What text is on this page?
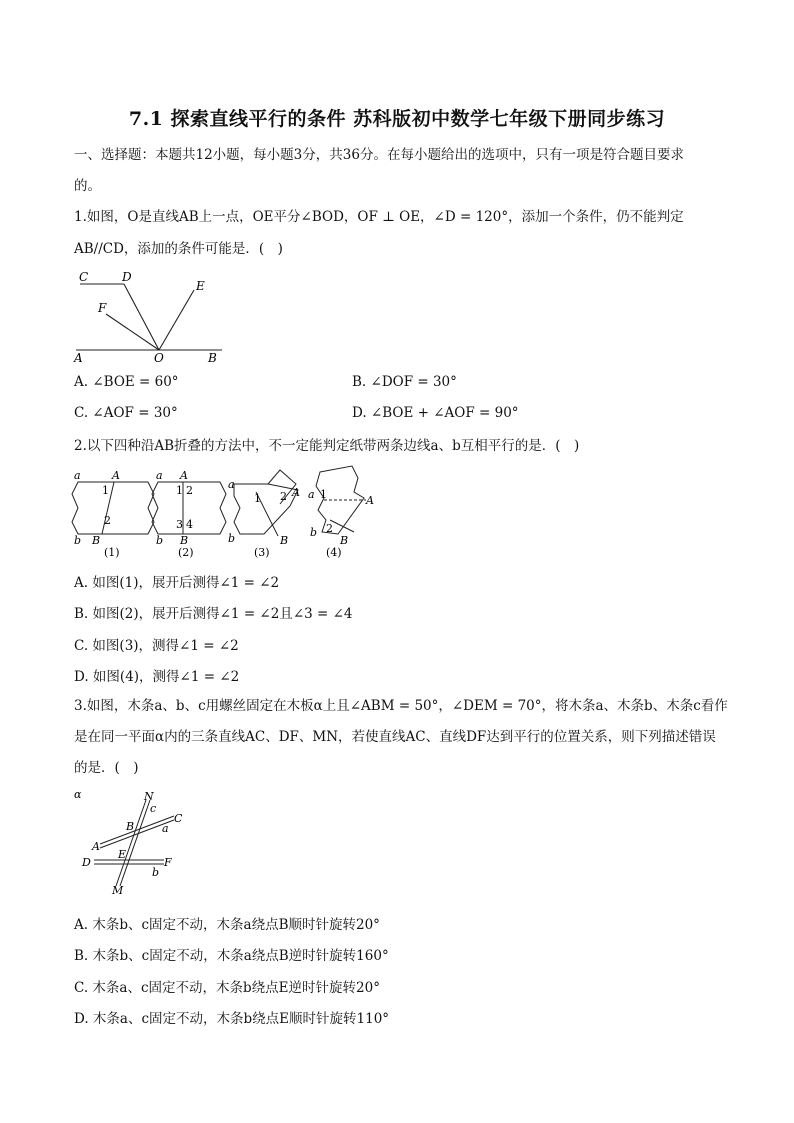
7.1 探索直线平行的条件 苏科版初中数学七年级下册同步练习
一、选择题：本题共12小题，每小题3分，共36分。在每小题给出的选项中，只有一项是符合题目要求
的。
1.如图，O是直线AB上一点，OE平分∠BOD，OF ⊥ OE，∠D = 120°，添加一个条件，仍不能判定
AB//CD，添加的条件可能是．(　)
C	D
E
F
A	O	B
A. ∠BOE = 60°	B. ∠DOF = 30°
C. ∠AOF = 30°	D. ∠BOE + ∠AOF = 90°
2.以下四种沿AB折叠的方法中，不一定能判定纸带两条边线a、b互相平行的是．(　)
a	A
1
2
b B
a A
1 2
3 4
b B
a
1 2 A
b	B
a 1	A
2
b
B
(1)	(2)	(3)	(4)
A. 如图(1)，展开后测得∠1 = ∠2
B. 如图(2)，展开后测得∠1 = ∠2且∠3 = ∠4
C. 如图(3)，测得∠1 = ∠2
D. 如图(4)，测得∠1 = ∠2
3.如图，木条a、b、c用螺丝固定在木板α上且∠ABM = 50°，∠DEM = 70°，将木条a、木条b、木条c看作
是在同一平面α内的三条直线AC、DF、MN，若使直线AC、直线DF达到平行的位置关系，则下列描述错误
的是．(　)
α	N
c
C
B	a
A
E
D	F
b
M
A. 木条b、c固定不动，木条a绕点B顺时针旋转20°
B. 木条b、c固定不动，木条a绕点B逆时针旋转160°
C. 木条a、c固定不动，木条b绕点E逆时针旋转20°
D. 木条a、c固定不动，木条b绕点E顺时针旋转110°
